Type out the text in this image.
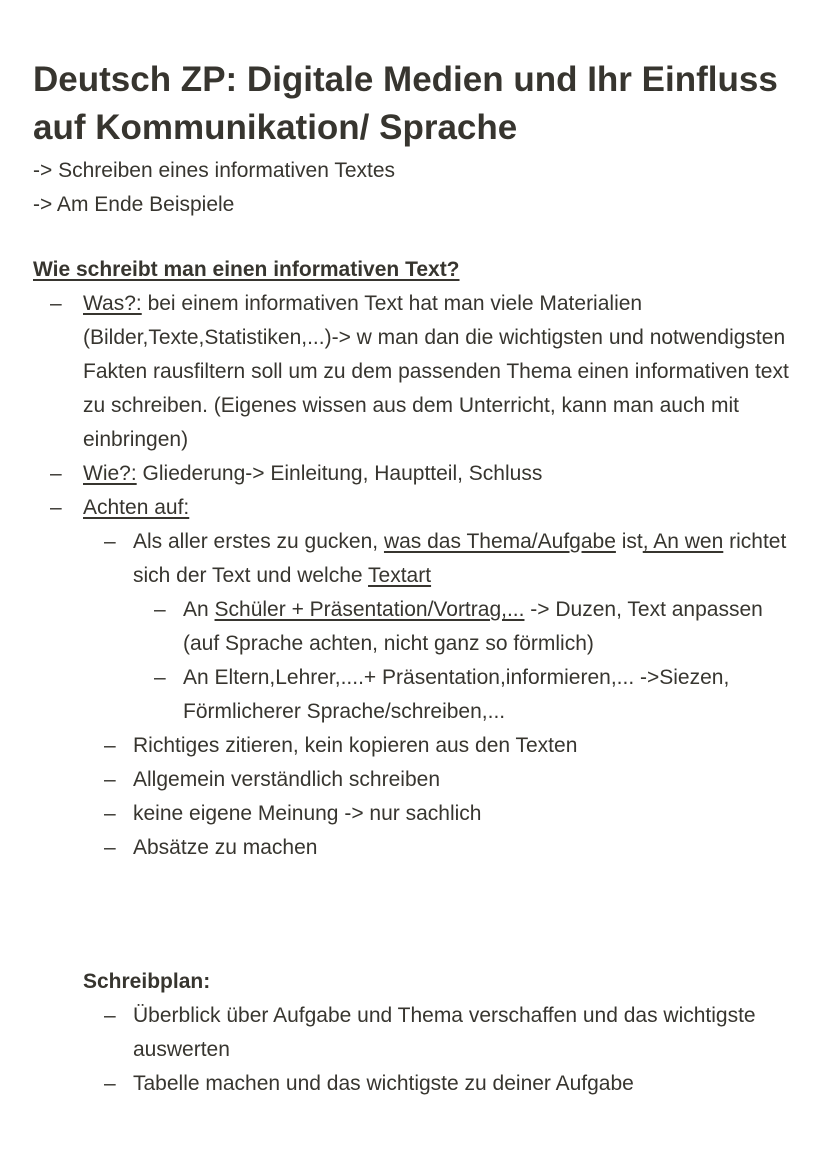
Deutsch ZP: Digitale Medien und Ihr Einfluss auf Kommunikation/ Sprache
-> Schreiben eines informativen Textes
-> Am Ende Beispiele
Wie schreibt man einen informativen Text?
– Was?: bei einem informativen Text hat man viele Materialien (Bilder,Texte,Statistiken,...)-> w man dan die wichtigsten und notwendigsten Fakten rausfiltern soll um zu dem passenden Thema einen informativen text zu schreiben. (Eigenes wissen aus dem Unterricht, kann man auch mit einbringen)
– Wie?: Gliederung-> Einleitung, Hauptteil, Schluss
– Achten auf:
– Als aller erstes zu gucken, was das Thema/Aufgabe ist, An wen richtet sich der Text und welche Textart
– An Schüler + Präsentation/Vortrag,... -> Duzen, Text anpassen (auf Sprache achten, nicht ganz so förmlich)
– An Eltern,Lehrer,....+ Präsentation,informieren,... ->Siezen, Förmlicherer Sprache/schreiben,...
– Richtiges zitieren, kein kopieren aus den Texten
– Allgemein verständlich schreiben
– keine eigene Meinung -> nur sachlich
– Absätze zu machen
Schreibplan:
– Überblick über Aufgabe und Thema verschaffen und das wichtigste auswerten
– Tabelle machen und das wichtigste zu deiner Aufgabe
